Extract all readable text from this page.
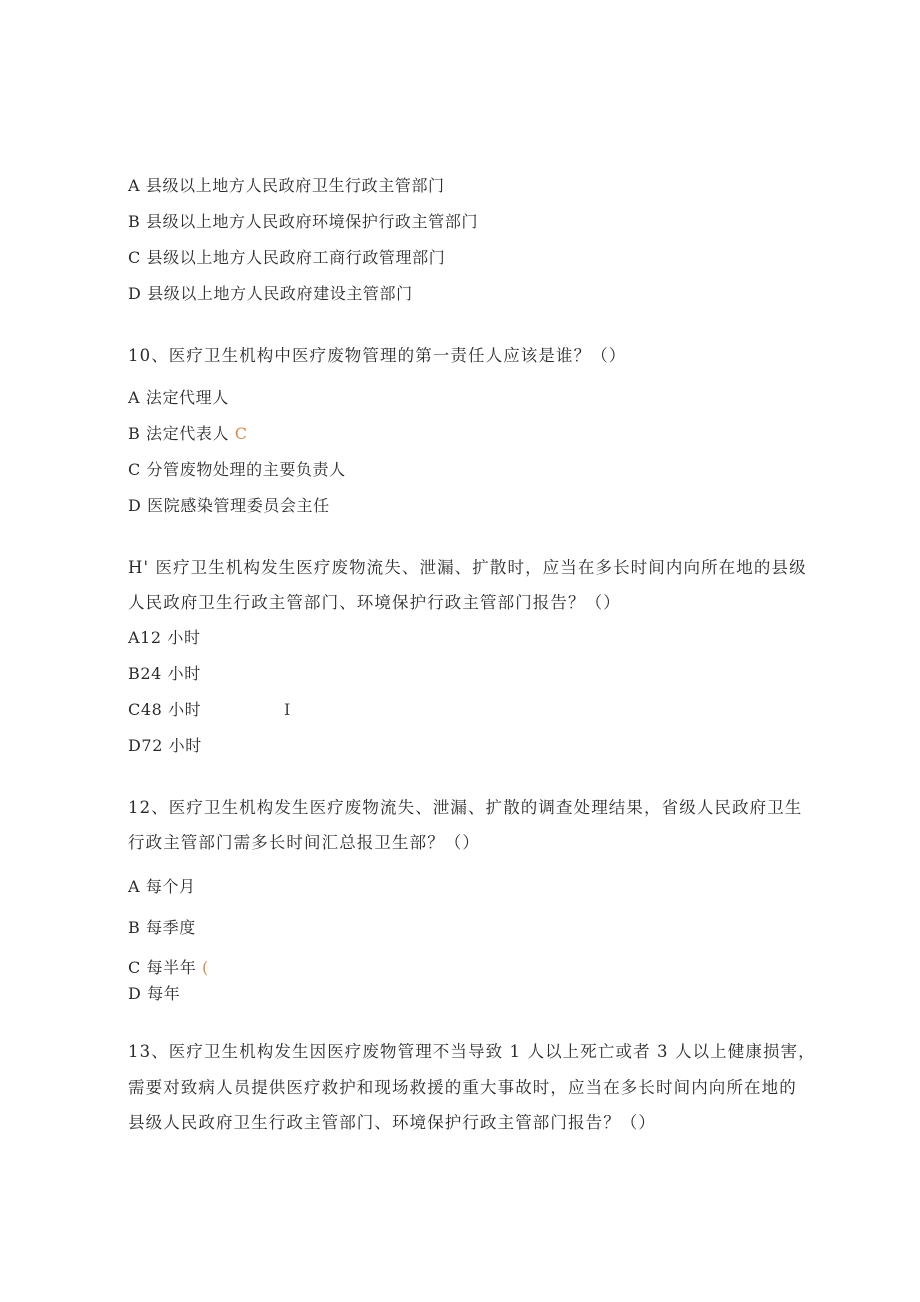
A 县级以上地方人民政府卫生行政主管部门
B 县级以上地方人民政府环境保护行政主管部门
C 县级以上地方人民政府工商行政管理部门
D 县级以上地方人民政府建设主管部门
10、医疗卫生机构中医疗废物管理的第一责任人应该是谁？（）
A 法定代理人
B 法定代表人 C
C 分管废物处理的主要负责人
D 医院感染管理委员会主任
H' 医疗卫生机构发生医疗废物流失、泄漏、扩散时，应当在多长时间内向所在地的县级
人民政府卫生行政主管部门、环境保护行政主管部门报告？（）
A12 小时
B24 小时
C48 小时	I
D72 小时
12、医疗卫生机构发生医疗废物流失、泄漏、扩散的调查处理结果，省级人民政府卫生
行政主管部门需多长时间汇总报卫生部？（）
A 每个月
B 每季度
C 每半年 (
D 每年
13、医疗卫生机构发生因医疗废物管理不当导致 1 人以上死亡或者 3 人以上健康损害，
需要对致病人员提供医疗救护和现场救援的重大事故时，应当在多长时间内向所在地的
县级人民政府卫生行政主管部门、环境保护行政主管部门报告？（）
